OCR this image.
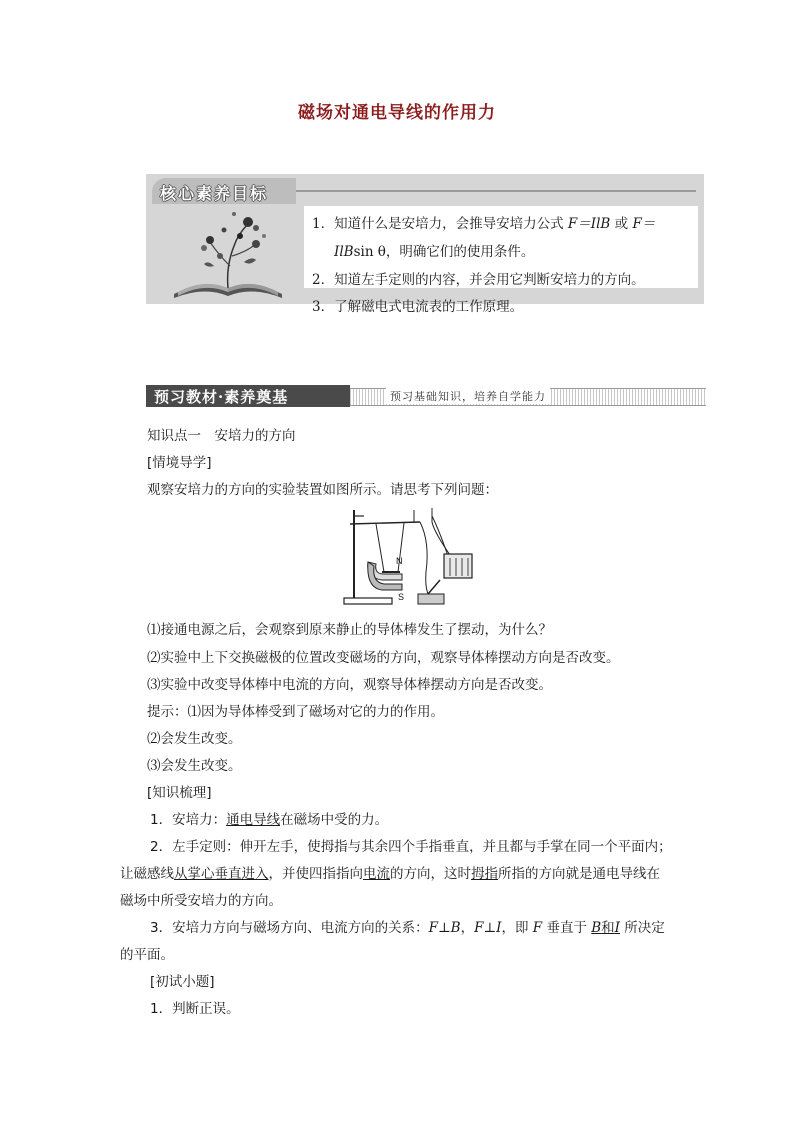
磁场对通电导线的作用力
核心素养目标
1．知道什么是安培力，会推导安培力公式 F＝IlB 或 F＝
IlBsin θ，明确它们的使用条件。
2．知道左手定则的内容，并会用它判断安培力的方向。
3．了解磁电式电流表的工作原理。
预习教材·素养奠基	预习基础知识，培养自学能力
知识点一　安培力的方向
[情境导学]
观察安培力的方向的实验装置如图所示。请思考下列问题：
N
S
⑴接通电源之后，会观察到原来静止的导体棒发生了摆动，为什么？
⑵实验中上下交换磁极的位置改变磁场的方向，观察导体棒摆动方向是否改变。
⑶实验中改变导体棒中电流的方向，观察导体棒摆动方向是否改变。
提示：⑴因为导体棒受到了磁场对它的力的作用。
⑵会发生改变。
⑶会发生改变。
[知识梳理]
1．安培力：通电导线在磁场中受的力。
2．左手定则：伸开左手，使拇指与其余四个手指垂直，并且都与手掌在同一个平面内；
让磁感线从掌心垂直进入，并使四指指向电流的方向，这时拇指所指的方向就是通电导线在
磁场中所受安培力的方向。
3．安培力方向与磁场方向、电流方向的关系：F⊥B，F⊥I，即 F 垂直于 B和I 所决定
的平面。
[初试小题]
1．判断正误。
